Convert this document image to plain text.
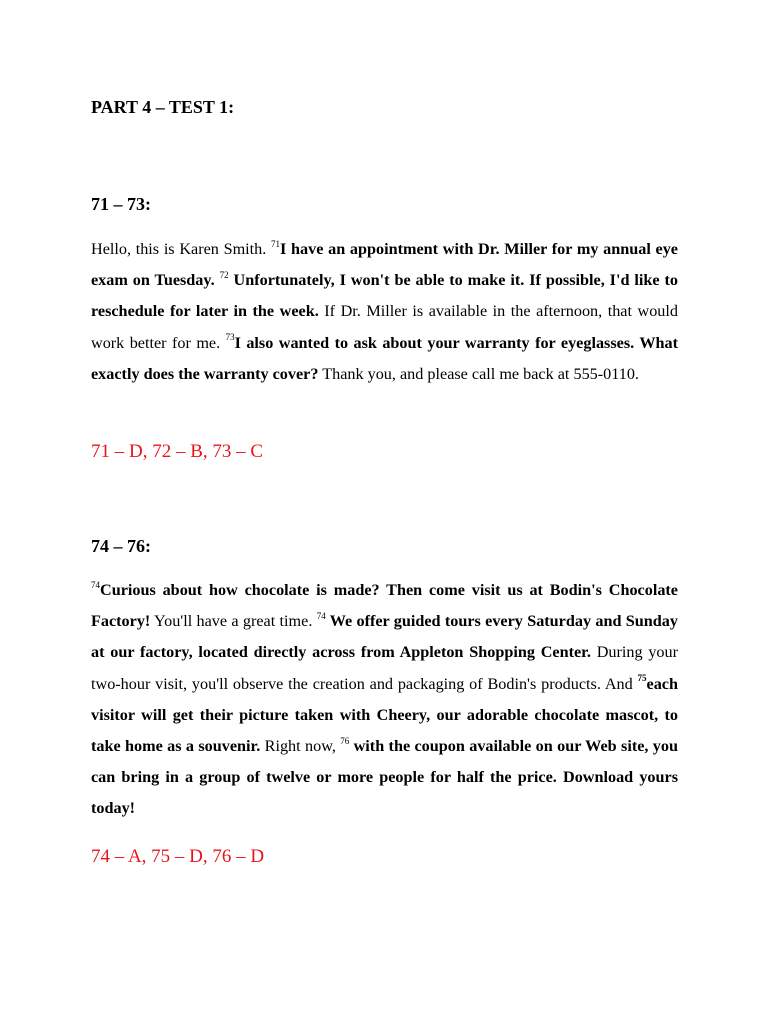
PART 4 – TEST 1:
71 – 73:

Hello, this is Karen Smith. $^{71}$I have an appointment with Dr. Miller for my annual eye exam on Tuesday. $^{72}$ Unfortunately, I won't be able to make it. If possible, I'd like to reschedule for later in the week. If Dr. Miller is available in the afternoon, that would work better for me. $^{73}$I also wanted to ask about your warranty for eyeglasses. What exactly does the warranty cover? Thank you, and please call me back at 555-0110.

71 – D, 72 – B, 73 – C
74 – 76:

$^{74}$Curious about how chocolate is made? Then come visit us at Bodin's Chocolate Factory! You'll have a great time. $^{74}$ We offer guided tours every Saturday and Sunday at our factory, located directly across from Appleton Shopping Center. During your two-hour visit, you'll observe the creation and packaging of Bodin's products. And $^{75}$each visitor will get their picture taken with Cheery, our adorable chocolate mascot, to take home as a souvenir. Right now, $^{76}$ with the coupon available on our Web site, you can bring in a group of twelve or more people for half the price. Download yours today!

74 – A, 75 – D, 76 – D
